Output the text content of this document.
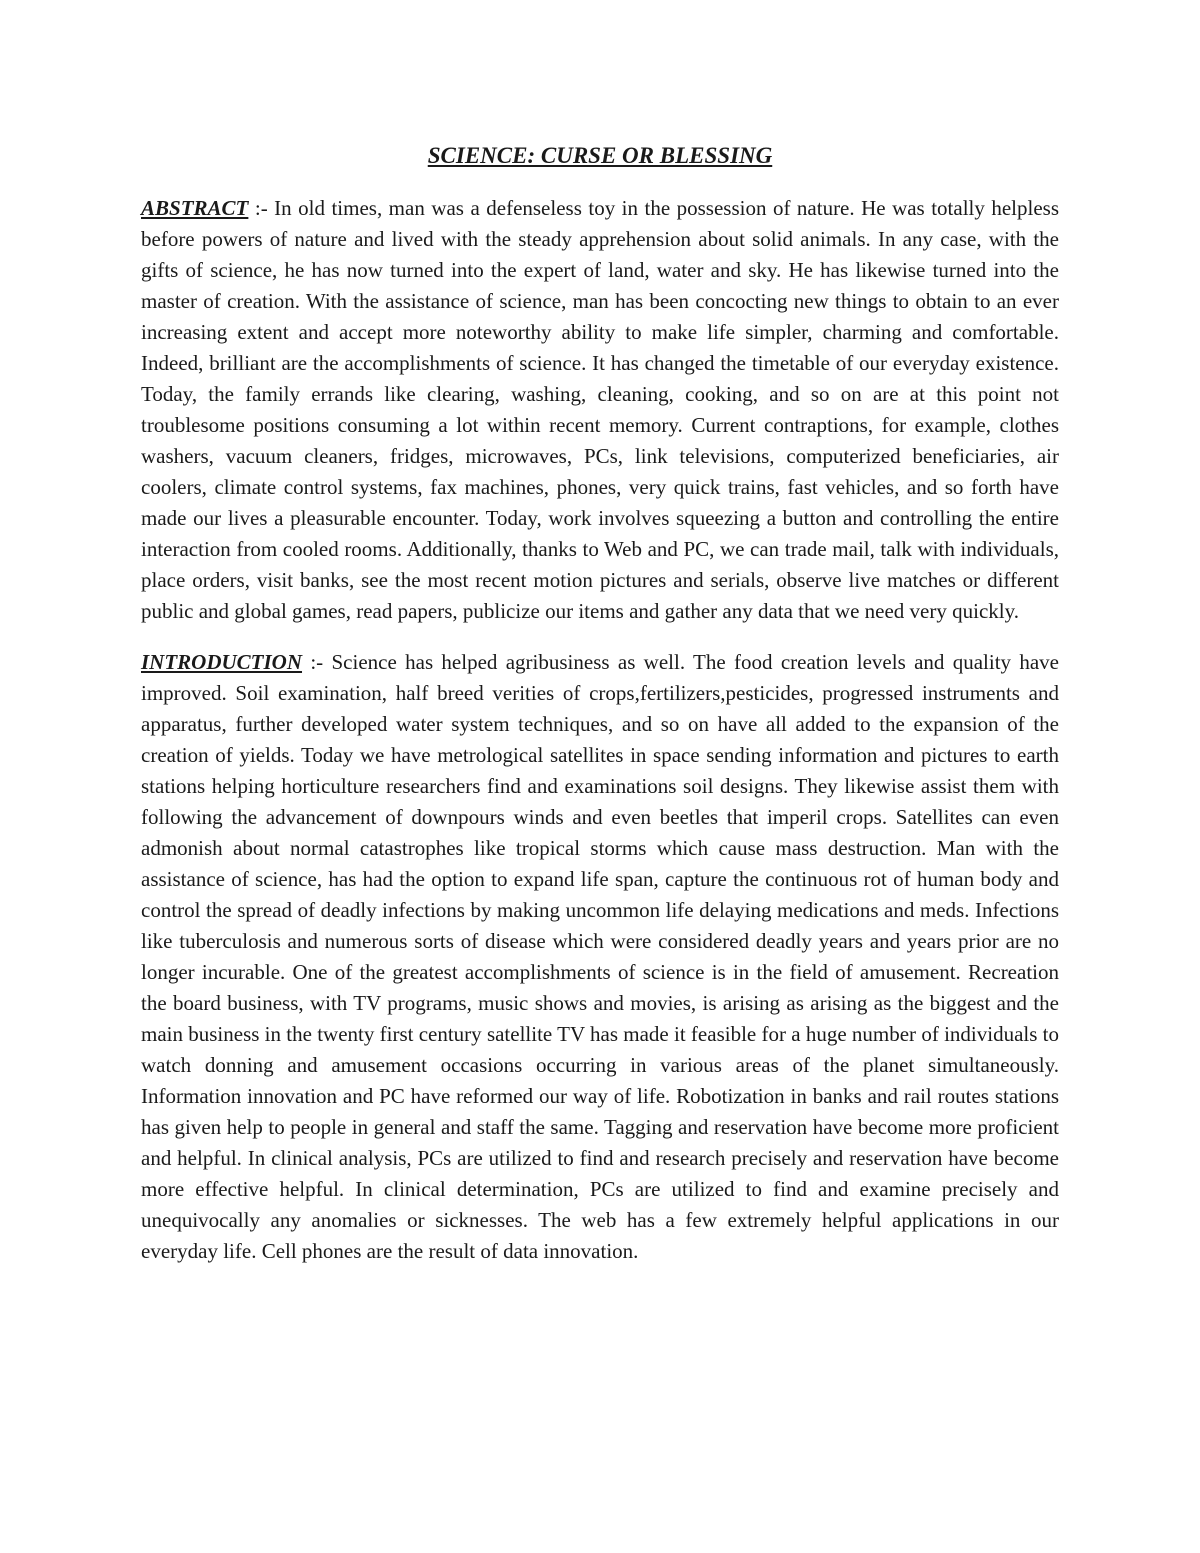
SCIENCE: CURSE OR BLESSING

ABSTRACT :- In old times, man was a defenseless toy in the possession of nature. He was totally helpless before powers of nature and lived with the steady apprehension about solid animals. In any case, with the gifts of science, he has now turned into the expert of land, water and sky. He has likewise turned into the master of creation. With the assistance of science, man has been concocting new things to obtain to an ever increasing extent and accept more noteworthy ability to make life simpler, charming and comfortable. Indeed, brilliant are the accomplishments of science. It has changed the timetable of our everyday existence. Today, the family errands like clearing, washing, cleaning, cooking, and so on are at this point not troublesome positions consuming a lot within recent memory. Current contraptions, for example, clothes washers, vacuum cleaners, fridges, microwaves, PCs, link televisions, computerized beneficiaries, air coolers, climate control systems, fax machines, phones, very quick trains, fast vehicles, and so forth have made our lives a pleasurable encounter. Today, work involves squeezing a button and controlling the entire interaction from cooled rooms. Additionally, thanks to Web and PC, we can trade mail, talk with individuals, place orders, visit banks, see the most recent motion pictures and serials, observe live matches or different public and global games, read papers, publicize our items and gather any data that we need very quickly.

INTRODUCTION :- Science has helped agribusiness as well. The food creation levels and quality have improved. Soil examination, half breed verities of crops,fertilizers,pesticides, progressed instruments and apparatus, further developed water system techniques, and so on have all added to the expansion of the creation of yields. Today we have metrological satellites in space sending information and pictures to earth stations helping horticulture researchers find and examinations soil designs. They likewise assist them with following the advancement of downpours winds and even beetles that imperil crops. Satellites can even admonish about normal catastrophes like tropical storms which cause mass destruction. Man with the assistance of science, has had the option to expand life span, capture the continuous rot of human body and control the spread of deadly infections by making uncommon life delaying medications and meds. Infections like tuberculosis and numerous sorts of disease which were considered deadly years and years prior are no longer incurable. One of the greatest accomplishments of science is in the field of amusement. Recreation the board business, with TV programs, music shows and movies, is arising as arising as the biggest and the main business in the twenty first century satellite TV has made it feasible for a huge number of individuals to watch donning and amusement occasions occurring in various areas of the planet simultaneously. Information innovation and PC have reformed our way of life. Robotization in banks and rail routes stations has given help to people in general and staff the same. Tagging and reservation have become more proficient and helpful. In clinical analysis, PCs are utilized to find and research precisely and reservation have become more effective helpful. In clinical determination, PCs are utilized to find and examine precisely and unequivocally any anomalies or sicknesses. The web has a few extremely helpful applications in our everyday life. Cell phones are the result of data innovation.
